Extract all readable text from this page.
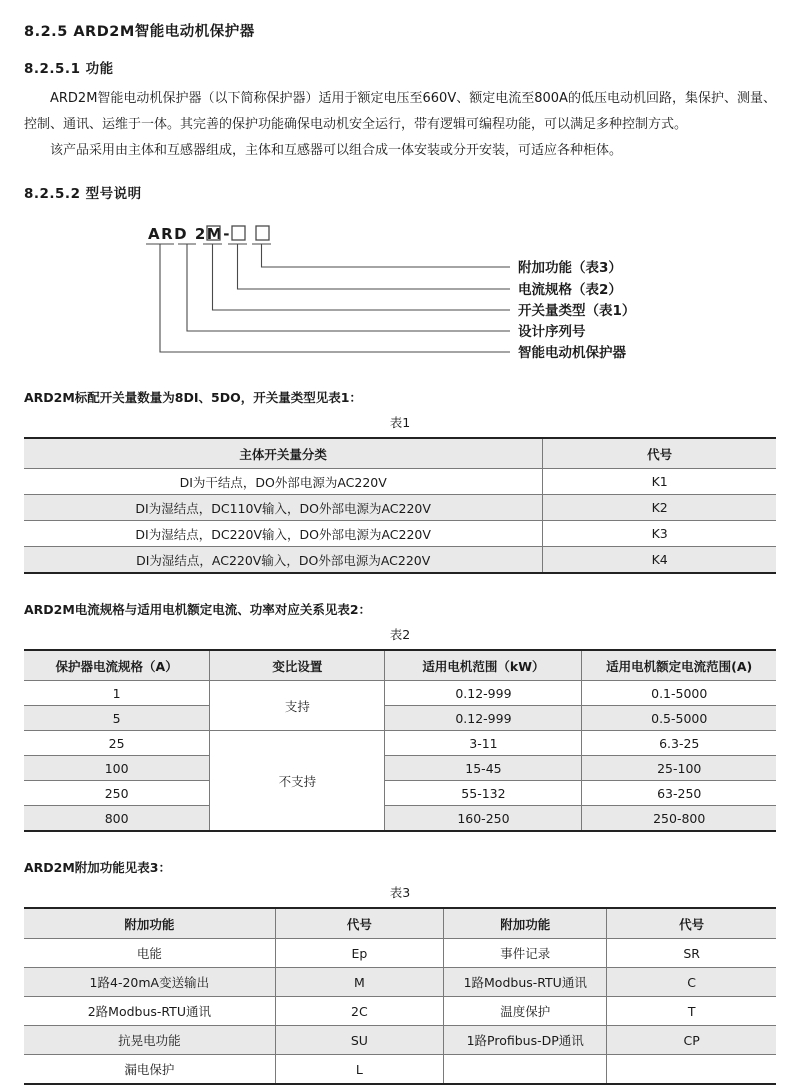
8.2.5 ARD2M智能电动机保护器
8.2.5.1 功能

ARD2M智能电动机保护器（以下简称保护器）适用于额定电压至660V、额定电流至800A的低压电动机回路，集保护、测量、控制、通讯、运维于一体。其完善的保护功能确保电动机安全运行，带有逻辑可编程功能，可以满足多种控制方式。

该产品采用由主体和互感器组成，主体和互感器可以组合成一体安装或分开安装，可适应各种柜体。

8.2.5.2 型号说明
ARD 2M-
附加功能（表3）
电流规格（表2）
开关量类型（表1）
设计序列号
智能电动机保护器

ARD2M标配开关量数量为8DI、5DO，开关量类型见表1：

表1
主体开关量分类	代号
DI为干结点，DO外部电源为AC220V	K1
DI为湿结点，DC110V输入，DO外部电源为AC220V	K2
DI为湿结点，DC220V输入，DO外部电源为AC220V	K3
DI为湿结点，AC220V输入，DO外部电源为AC220V	K4

ARD2M电流规格与适用电机额定电流、功率对应关系见表2：

表2
保护器电流规格（A）	变比设置	适用电机范围（kW）	适用电机额定电流范围(A)
1	支持	0.12-999	0.1-5000
5		0.12-999	0.5-5000
25	不支持	3-11	6.3-25
100		15-45	25-100
250		55-132	63-250
800		160-250	250-800

ARD2M附加功能见表3：

表3
附加功能	代号	附加功能	代号
电能	Ep	事件记录	SR
1路4-20mA变送输出	M	1路Modbus-RTU通讯	C
2路Modbus-RTU通讯	2C	温度保护	T
抗晃电功能	SU	1路Profibus-DP通讯	CP
漏电保护	L		
